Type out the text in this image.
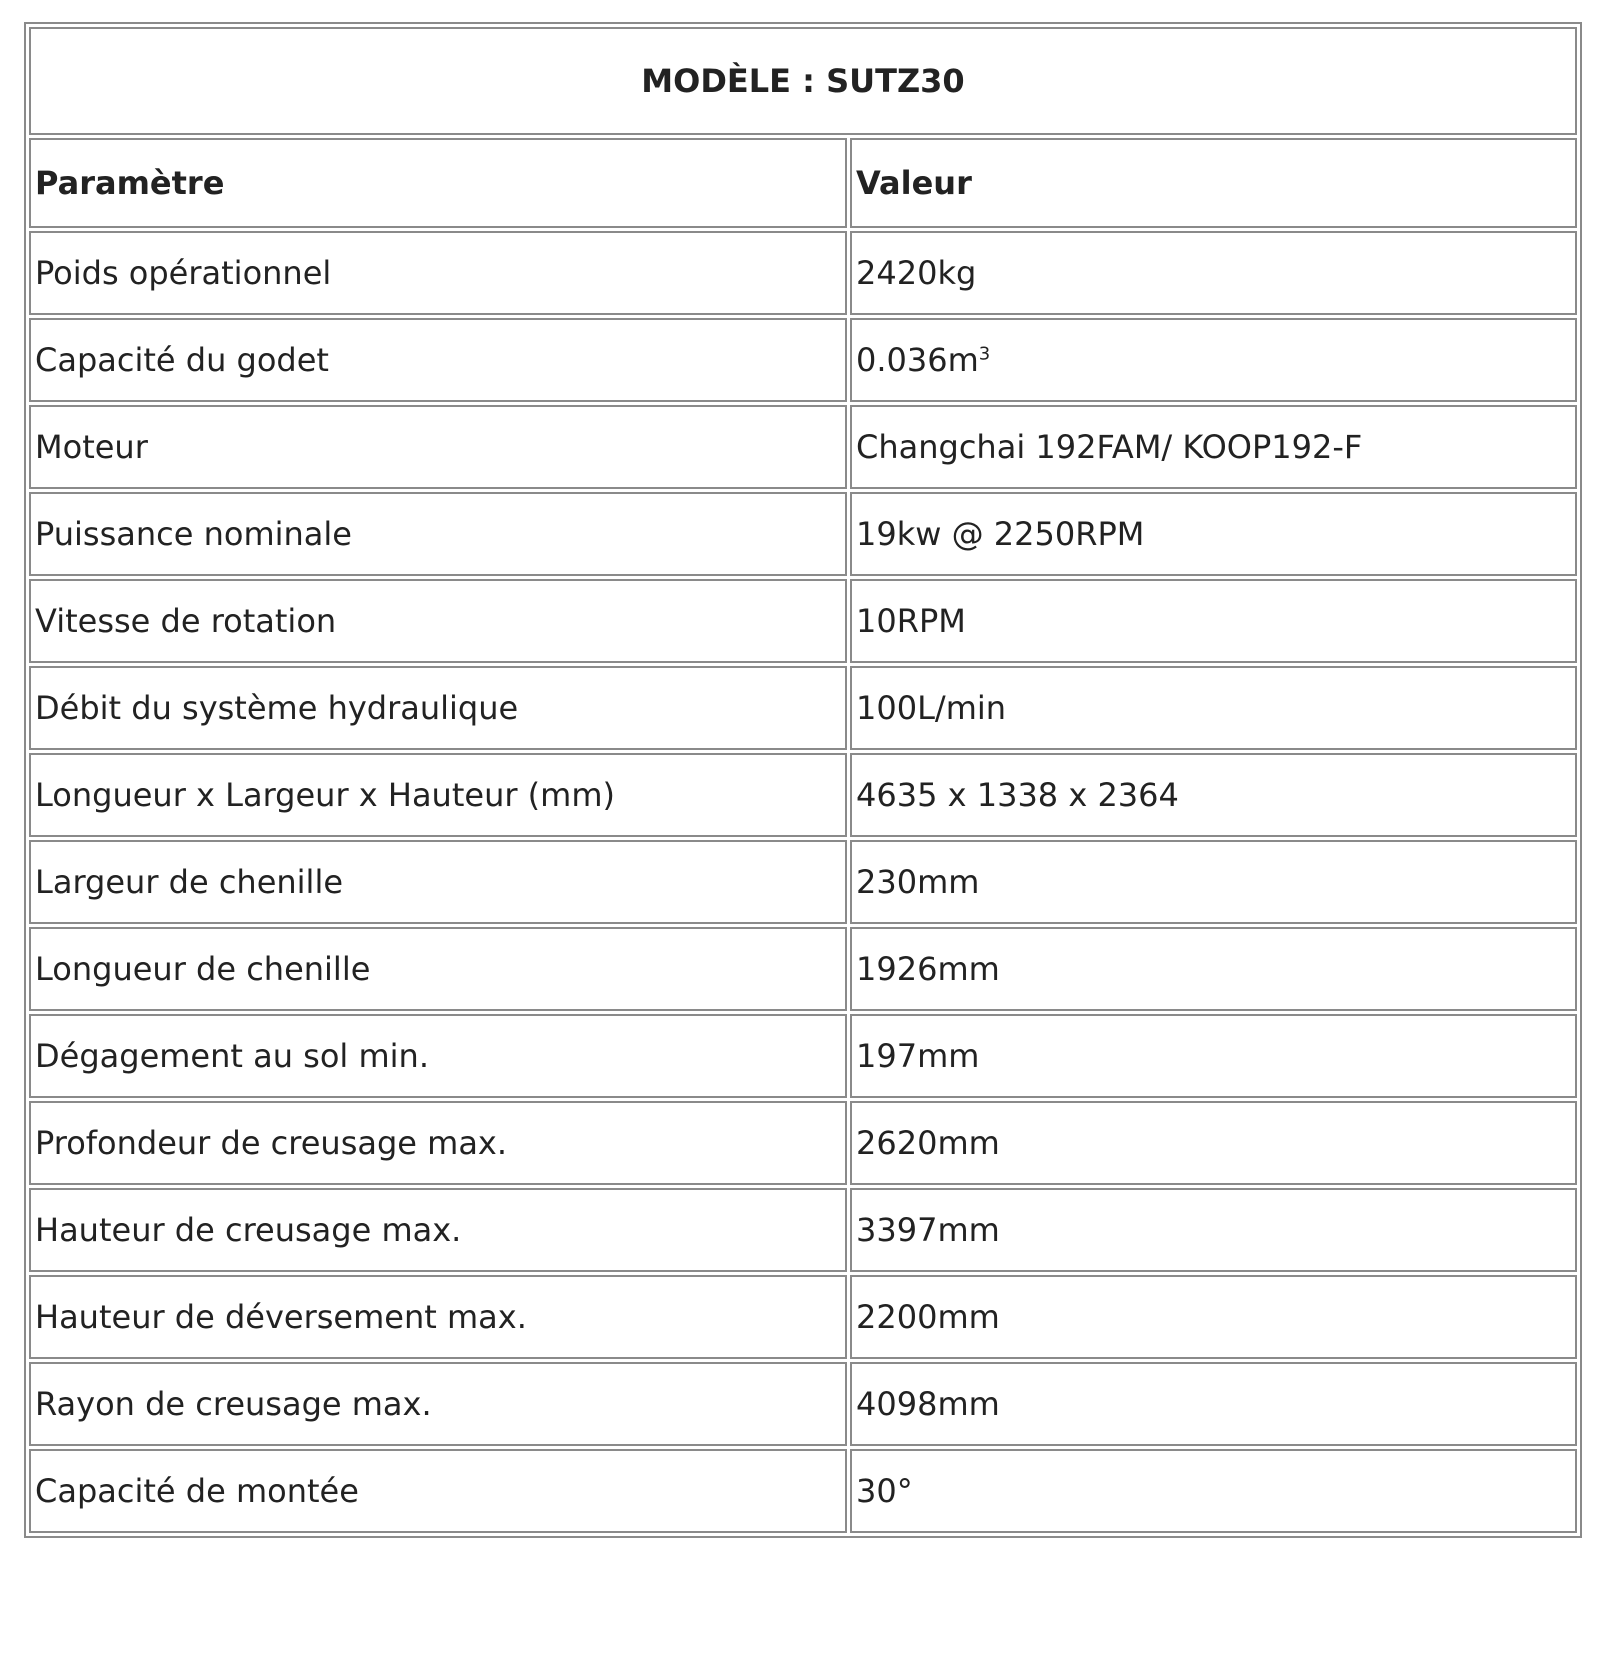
MODÈLE : SUTZ30	
Paramètre	Valeur
Poids opérationnel	2420kg
Capacité du godet	$0.036m^3$
Moteur	Changchai 192FAM/ KOOP192-F
Puissance nominale	19kw @ 2250RPM
Vitesse de rotation	10RPM
Débit du système hydraulique	100L/min
Longueur x Largeur x Hauteur (mm)	4635 x 1338 x 2364
Largeur de chenille	230mm
Longueur de chenille	1926mm
Dégagement au sol min.	197mm
Profondeur de creusage max.	2620mm
Hauteur de creusage max.	3397mm
Hauteur de déversement max.	2200mm
Rayon de creusage max.	4098mm
Capacité de montée	30°
